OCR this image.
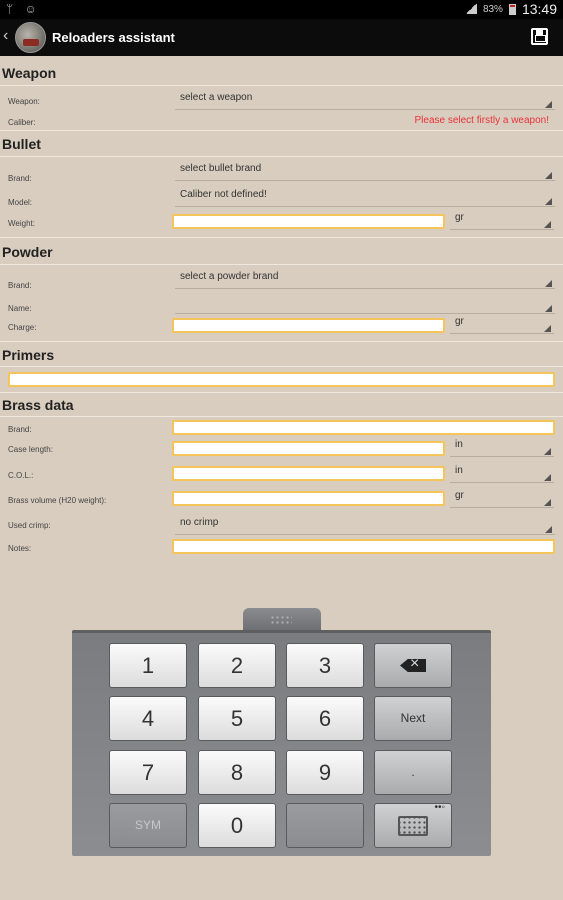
ᛘ ☺	83% 13:49
‹	Reloaders assistant
Weapon
Weapon:	select a weapon
Caliber:	Please select firstly a weapon!
Bullet
Brand:
select bullet brand
Model:
Caliber not defined!
Weight:
gr
Powder
Brand:
select a powder brand
Name:
Charge:
gr
Primers
Brass data
Brand:
Case length:	in
C.O.L.:	in
Brass volume (H20 weight):	gr
Used crimp:	no crimp
Notes:
1	2	3
×
4	5	6	Next
7	8	9	.
SYM	0
••◦
